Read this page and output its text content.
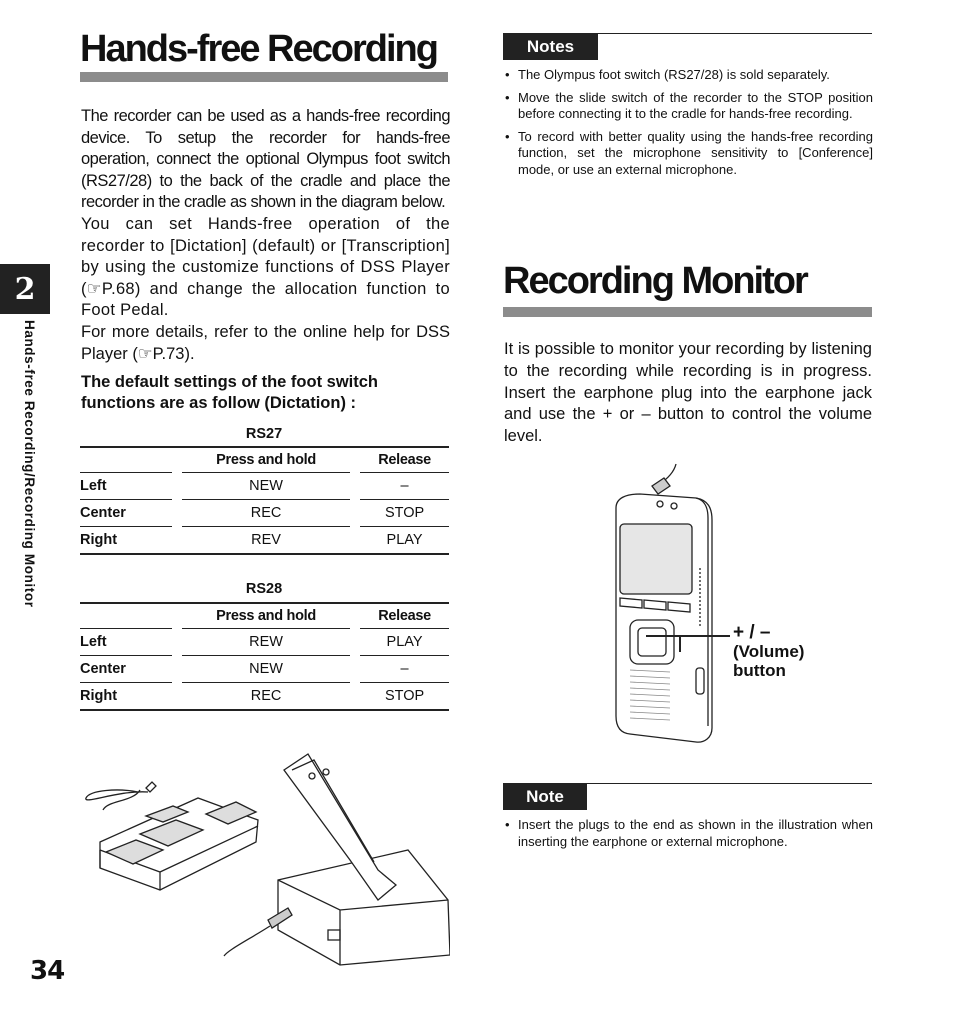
Hands-free Recording

The recorder can be used as a hands-free recording device. To setup the recorder for hands-free operation, connect the optional Olympus foot switch (RS27/28) to the back of the cradle and place the recorder in the cradle as shown in the diagram below.

You can set Hands-free operation of the recorder to [Dictation] (default) or [Transcription] by using the customize functions of DSS Player (☞P.68) and change the allocation function to Foot Pedal.

For more details, refer to the online help for DSS Player (☞P.73).

The default settings of the foot switch functions are as follow (Dictation) :
RS27

		Press and hold		Release
Left		NEW		–
Center		REC		STOP
Right		REV		PLAY
RS28

		Press and hold		Release
Left		REW		PLAY
Center		NEW		–
Right		REC		STOP
2
Hands-free Recording/Recording Monitor
34
Notes
• The Olympus foot switch (RS27/28) is sold separately.
• Move the slide switch of the recorder to the STOP position before connecting it to the cradle for hands-free recording.
• To record with better quality using the hands-free recording function, set the microphone sensitivity to [Conference] mode, or use an external microphone.
Recording Monitor
It is possible to monitor your recording by listening to the recording while recording is in progress. Insert the earphone plug into the earphone jack and use the + or – button to control the volume level.
+ / –
(Volume)
button
Note
• Insert the plugs to the end as shown in the illustration when inserting the earphone or external microphone.
